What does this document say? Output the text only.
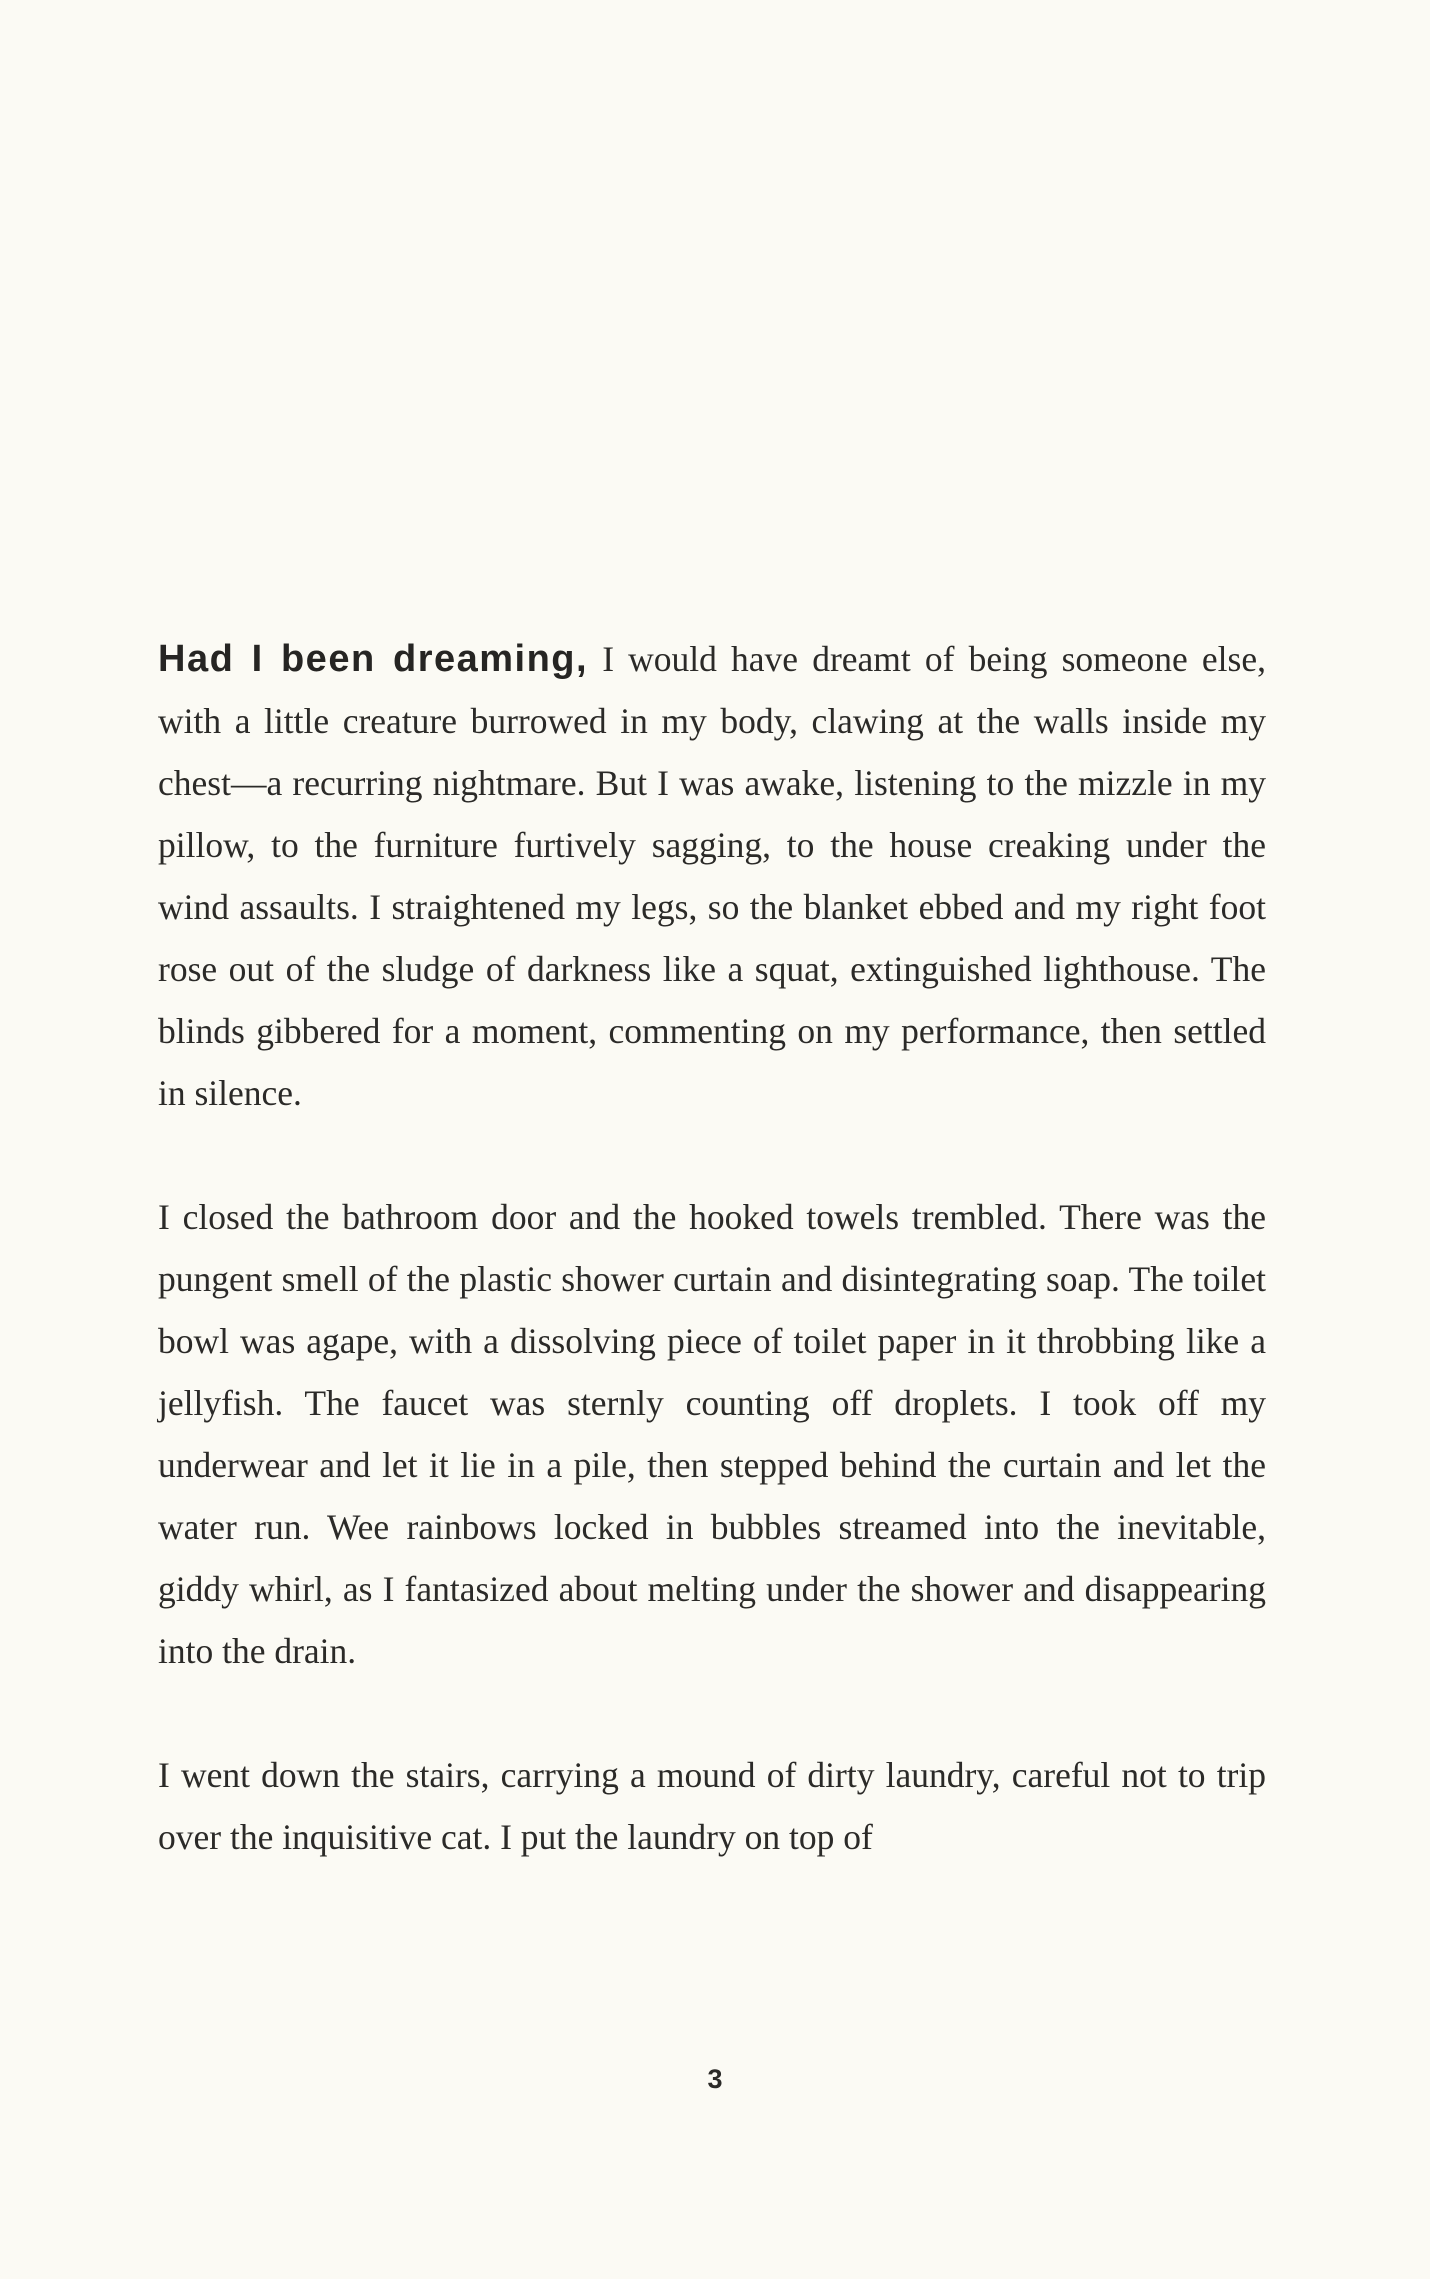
Had I been dreaming, I would have dreamt of being someone else, with a little creature burrowed in my body, clawing at the walls inside my chest—a recurring nightmare. But I was awake, listening to the mizzle in my pillow, to the furniture furtively sagging, to the house creaking under the wind assaults. I straightened my legs, so the blanket ebbed and my right foot rose out of the sludge of darkness like a squat, extinguished lighthouse. The blinds gibbered for a moment, commenting on my performance, then settled in silence.

I closed the bathroom door and the hooked towels trembled. There was the pungent smell of the plastic shower curtain and disintegrating soap. The toilet bowl was agape, with a dissolving piece of toilet paper in it throbbing like a jellyfish. The faucet was sternly counting off droplets. I took off my underwear and let it lie in a pile, then stepped behind the curtain and let the water run. Wee rainbows locked in bubbles streamed into the inevitable, giddy whirl, as I fantasized about melting under the shower and disappearing into the drain.

I went down the stairs, carrying a mound of dirty laundry, careful not to trip over the inquisitive cat. I put the laundry on top of

3
